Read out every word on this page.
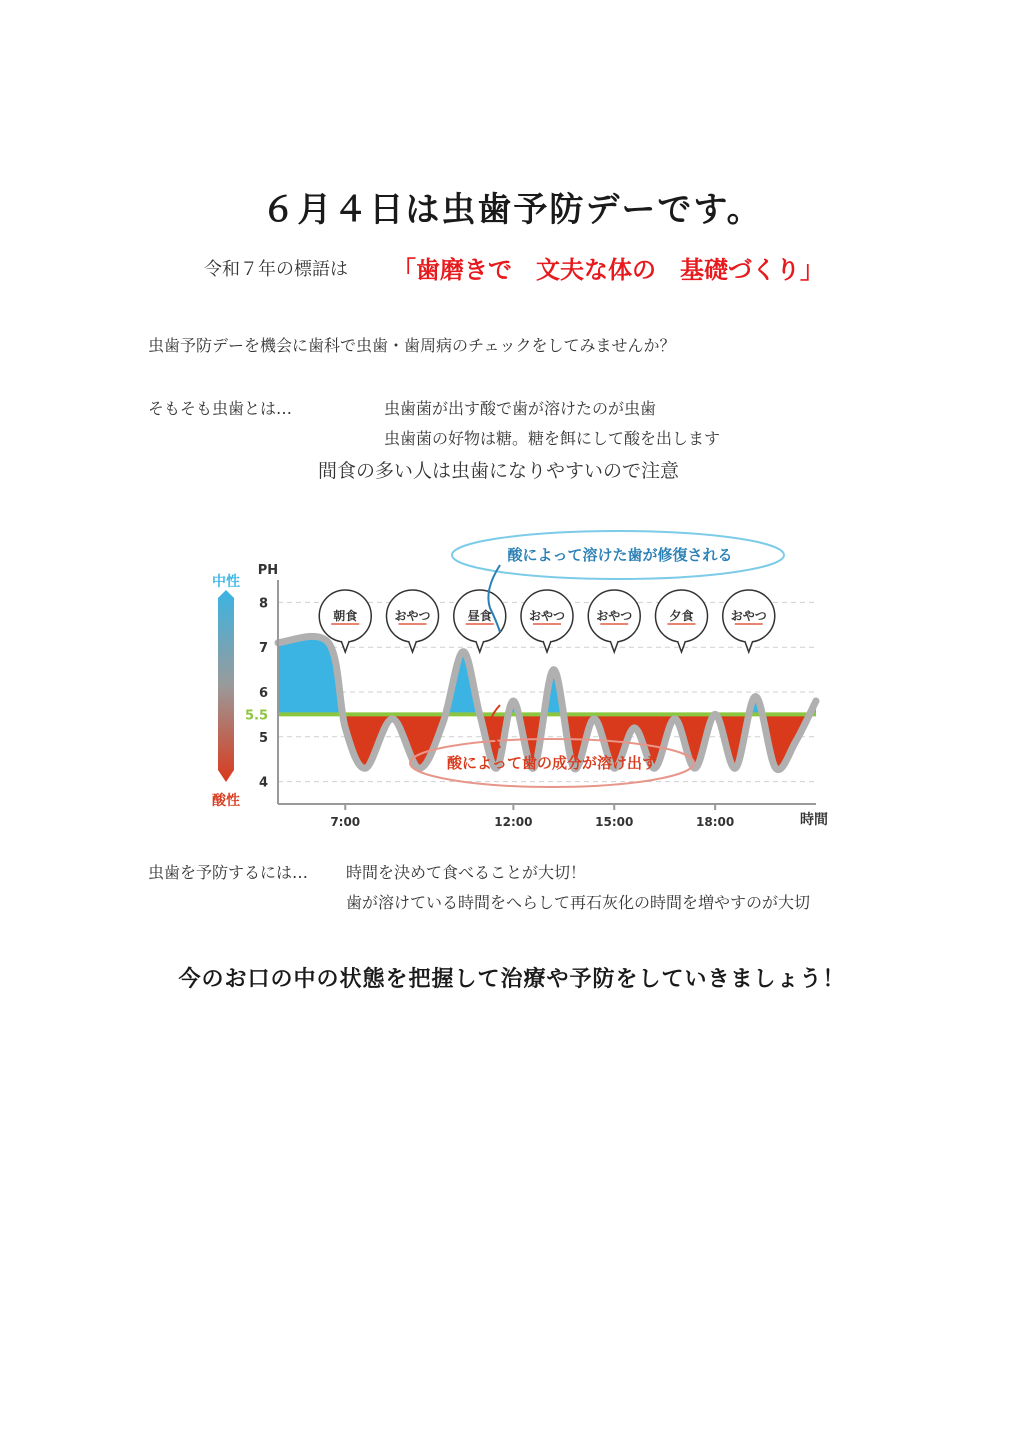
６月４日は虫歯予防デーです。
令和７年の標語は 「歯磨きで　文夫な体の　基礎づくり」
虫歯予防デーを機会に歯科で虫歯・歯周病のチェックをしてみませんか？
そもそも虫歯とは…	虫歯菌が出す酸で歯が溶けたのが虫歯
虫歯菌の好物は糖。糖を餌にして酸を出します
間食の多い人は虫歯になりやすいので注意
中性
酸性
8
7
6
5.5
5
4
7:00	12:00	15:00	18:00
朝食	おやつ	昼食	おやつ	おやつ	夕食	おやつ
酸によって溶けた歯が修復される
酸によって歯の成分が溶け出す
PH
時間
虫歯を予防するには… 時間を決めて食べることが大切！
歯が溶けている時間をへらして再石灰化の時間を増やすのが大切
今のお口の中の状態を把握して治療や予防をしていきましょう！
